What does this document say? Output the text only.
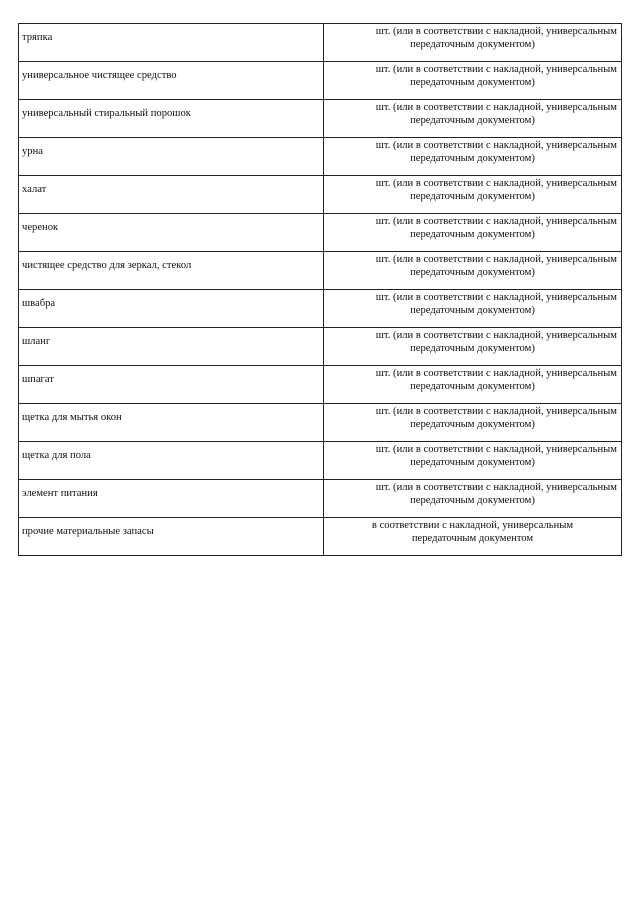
тряпка	шт. (или в соответствии с накладной, универсальным
передаточным документом)

универсальное чистящее средство	шт. (или в соответствии с накладной, универсальным
передаточным документом)

универсальный стиральный порошок	шт. (или в соответствии с накладной, универсальным
передаточным документом)

урна	шт. (или в соответствии с накладной, универсальным
передаточным документом)

халат	шт. (или в соответствии с накладной, универсальным
передаточным документом)

черенок	шт. (или в соответствии с накладной, универсальным
передаточным документом)

чистящее средство для зеркал, стекол	шт. (или в соответствии с накладной, универсальным
передаточным документом)

швабра	шт. (или в соответствии с накладной, универсальным
передаточным документом)

шланг	шт. (или в соответствии с накладной, универсальным
передаточным документом)

шпагат	шт. (или в соответствии с накладной, универсальным
передаточным документом)

щетка для мытья окон	шт. (или в соответствии с накладной, универсальным
передаточным документом)

щетка для пола	шт. (или в соответствии с накладной, универсальным
передаточным документом)

элемент питания	шт. (или в соответствии с накладной, универсальным
передаточным документом)

прочие материальные запасы	в соответствии с накладной, универсальным
передаточным документом
